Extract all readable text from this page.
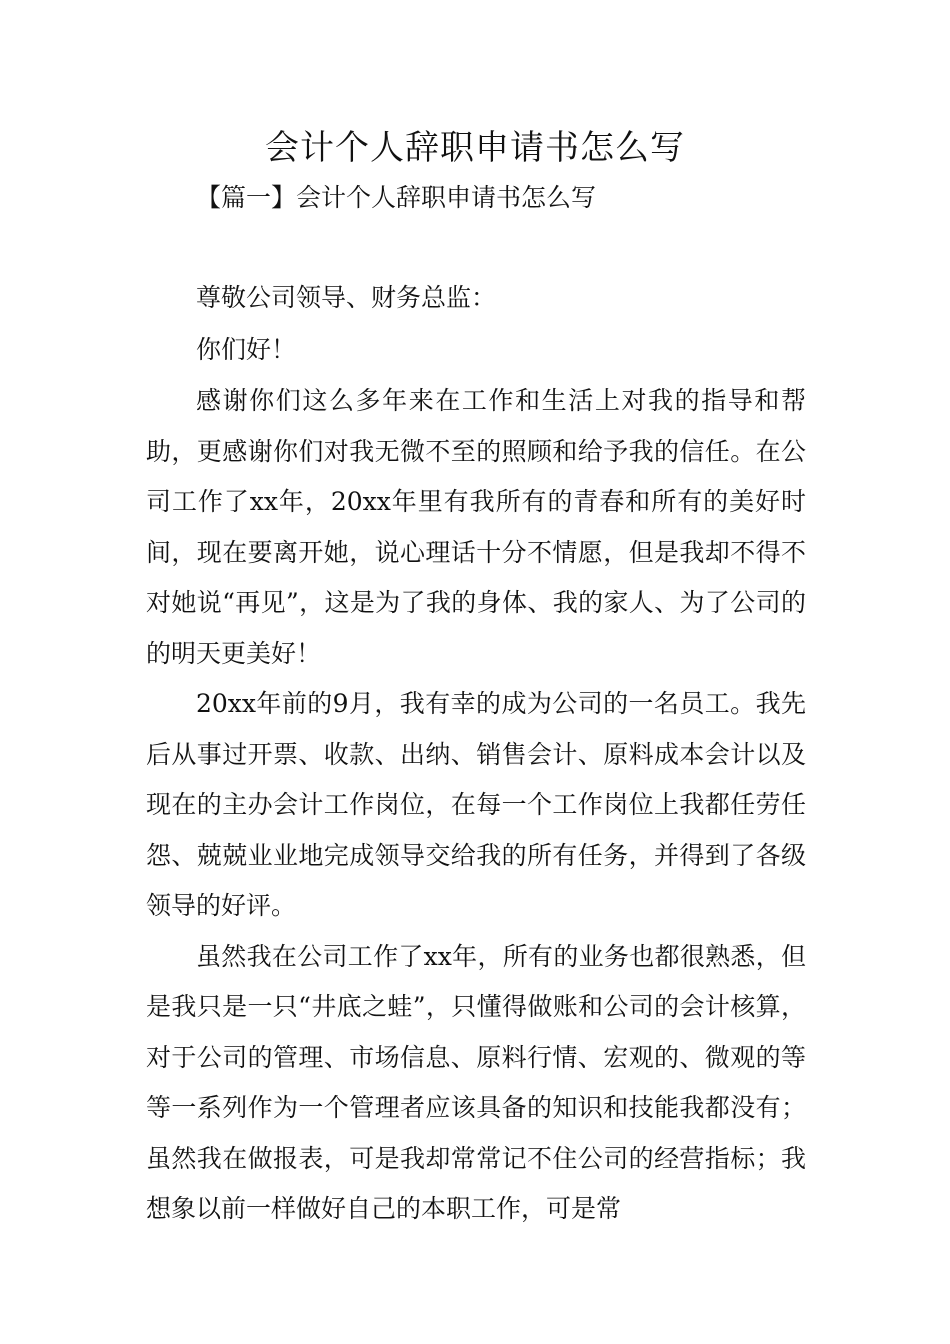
会计个人辞职申请书怎么写

【篇一】会计个人辞职申请书怎么写

尊敬公司领导、财务总监：

你们好！

感谢你们这么多年来在工作和生活上对我的指导和帮助，更感谢你们对我无微不至的照顾和给予我的信任。在公司工作了xx年，20xx年里有我所有的青春和所有的美好时间，现在要离开她，说心理话十分不情愿，但是我却不得不对她说“再见”，这是为了我的身体、我的家人、为了公司的的明天更美好！

20xx年前的9月，我有幸的成为公司的一名员工。我先后从事过开票、收款、出纳、销售会计、原料成本会计以及现在的主办会计工作岗位，在每一个工作岗位上我都任劳任怨、兢兢业业地完成领导交给我的所有任务，并得到了各级领导的好评。

虽然我在公司工作了xx年，所有的业务也都很熟悉，但是我只是一只“井底之蛙”，只懂得做账和公司的会计核算，对于公司的管理、市场信息、原料行情、宏观的、微观的等等一系列作为一个管理者应该具备的知识和技能我都没有；虽然我在做报表，可是我却常常记不住公司的经营指标；我想象以前一样做好自己的本职工作，可是常
